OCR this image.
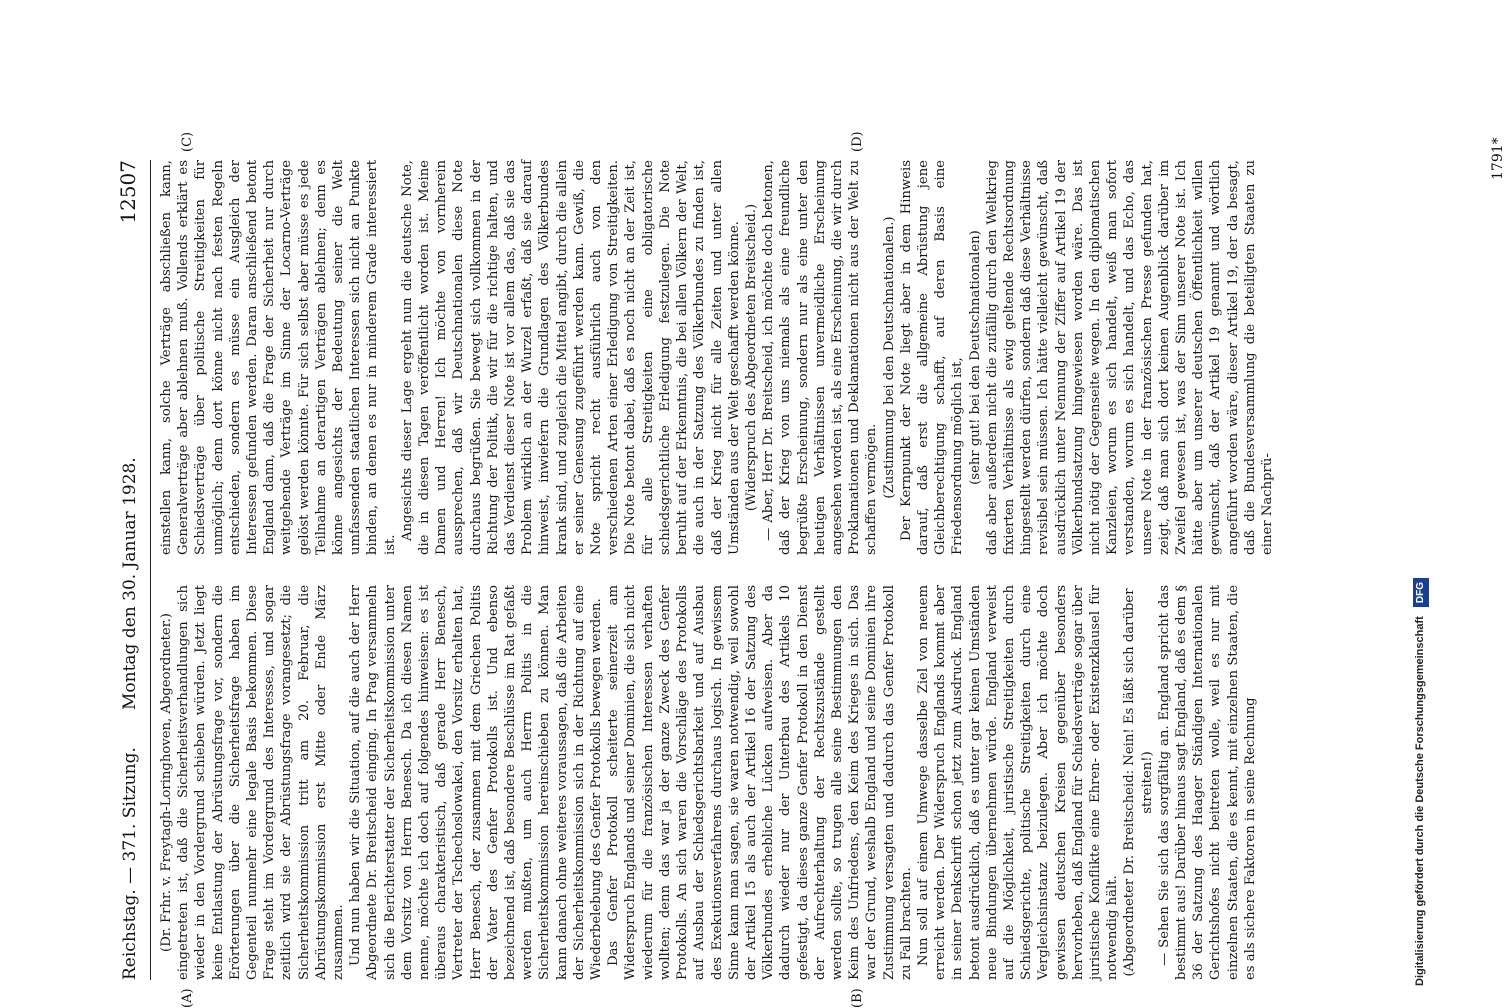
Reichstag. — 371. Sitzung.
Montag den 30. Januar 1928.
12507

(Dr. Frhr. v. Freytagh-Loringhoven, Abgeordneter.) eingetreten ist, daß die Sicherheitsverhandlungen sich wieder in den Vordergrund schieben würden. Jetzt liegt keine Entlastung der Abrüstungsfrage vor, sondern die Erörterungen über die Sicherheitsfrage haben im Gegenteil nunmehr eine legale Basis bekommen. Diese Frage steht im Vordergrund des Interesses, und sogar zeitlich wird sie der Abrüstungsfrage vorangesetzt; die Sicherheitskommission tritt am 20. Februar, die Abrüstungskommission erst Mitte oder Ende März zusammen. Und nun haben wir die Situation, auf die auch der Herr Abgeordnete Dr. Breitscheid einging. In Prag versammeln sich die Berichterstatter der Sicherheitskommission unter dem Vorsitz von Herrn Benesch. Da ich diesen Namen nenne, möchte ich doch auf folgendes hinweisen: es ist überaus charakteristisch, daß gerade Herr Benesch, Vertreter der Tschechoslowakei, den Vorsitz erhalten hat, Herr Benesch, der zusammen mit dem Griechen Politis der Vater des Genfer Protokolls ist. Und ebenso bezeichnend ist, daß besondere Beschlüsse im Rat gefaßt werden mußten, um auch Herrn Politis in die Sicherheitskommission hereinschieben zu können. Man kann danach ohne weiteres voraussagen, daß die Arbeiten der Sicherheitskommission sich in der Richtung auf eine Wiederbelebung des Genfer Protokolls bewegen werden. Das Genfer Protokoll scheiterte seinerzeit am Widerspruch Englands und seiner Dominien, die sich nicht wiederum für die französischen Interessen verhaften wollten; denn das war ja der ganze Zweck des Genfer Protokolls. An sich waren die Vorschläge des Protokolls auf Ausbau der Schiedsgerichtsbarkeit und auf Ausbau des Exekutionsverfahrens durchaus logisch. In gewissem Sinne kann man sagen, sie waren notwendig, weil sowohl der Artikel 15 als auch der Artikel 16 der Satzung des Völkerbundes erhebliche Lücken aufweisen. Aber da dadurch wieder nur der Unterbau des Artikels 10 gefestigt, da dieses ganze Genfer Protokoll in den Dienst der Aufrechterhaltung der Rechtszustände gestellt werden sollte, so trugen alle seine Bestimmungen den Keim des Unfriedens, den Keim des Krieges in sich. Das war der Grund, weshalb England und seine Dominien ihre Zustimmung versagten und dadurch das Genfer Protokoll zu Fall brachten. Nun soll auf einem Umwege dasselbe Ziel von neuem erreicht werden. Der Widerspruch Englands kommt aber in seiner Denkschrift schon jetzt zum Ausdruck. England betont ausdrücklich, daß es unter gar keinen Umständen neue Bindungen übernehmen würde. England verweist auf die Möglichkeit, juristische Streitigkeiten durch Schiedsgerichte, politische Streitigkeiten durch eine Vergleichsinstanz beizulegen. Aber ich möchte doch gewissen deutschen Kreisen gegenüber besonders hervorheben, daß England für Schiedsverträge sogar über juristische Konflikte eine Ehren- oder Existenzklausel für notwendig hält. (Abgeordneter Dr. Breitscheid: Nein! Es läßt sich darüber streiten!) — Sehen Sie sich das sorgfältig an. England spricht das bestimmt aus! Darüber hinaus sagt England, daß es dem § 36 der Satzung des Haager Ständigen Internationalen Gerichtshofes nicht beitreten wolle, weil es nur mit einzelnen Staaten, die es kennt, mit einzelnen Staaten, die es als sichere Faktoren in seine Rechnung

einstellen kann, solche Verträge abschließen kann, Generalverträge aber ablehnen muß. Vollends erklärt es Schiedsverträge über politische Streitigkeiten für unmöglich; denn dort könne nicht nach festen Regeln entschieden, sondern es müsse ein Ausgleich der Interessen gefunden werden. Daran anschließend betont England dann, daß die Frage der Sicherheit nur durch weitgehende Verträge im Sinne der Locarno-Verträge gelöst werden könnte. Für sich selbst aber müsse es jede Teilnahme an derartigen Verträgen ablehnen; denn es könne angesichts der Bedeutung seiner die Welt umfassenden staatlichen Interessen sich nicht an Punkte binden, an denen es nur in minderem Grade interessiert ist.

Angesichts dieser Lage ergeht nun die deutsche Note, die in diesen Tagen veröffentlicht worden ist. Meine Damen und Herren! Ich möchte von vornherein aussprechen, daß wir Deutschnationalen diese Note durchaus begrüßen. Sie bewegt sich vollkommen in der Richtung der Politik, die wir für die richtige halten, und das Verdienst dieser Note ist vor allem das, daß sie das Problem wirklich an der Wurzel erfaßt, daß sie darauf hinweist, inwiefern die Grundlagen des Völkerbundes krank sind, und zugleich die Mittel angibt, durch die allein er seiner Genesung zugeführt werden kann. Gewiß, die Note spricht recht ausführlich auch von den verschiedenen Arten einer Erledigung von Streitigkeiten. Die Note betont dabei, daß es noch nicht an der Zeit ist, für alle Streitigkeiten eine obligatorische schiedsgerichtliche Erledigung festzulegen. Die Note beruht auf der Erkenntnis, die bei allen Völkern der Welt, die auch in der Satzung des Völkerbundes zu finden ist, daß der Krieg nicht für alle Zeiten und unter allen Umständen aus der Welt geschafft werden könne. (Widerspruch des Abgeordneten Breitscheid.) — Aber, Herr Dr. Breitscheid, ich möchte doch betonen, daß der Krieg von uns niemals als eine freundliche begrüßte Erscheinung, sondern nur als eine unter den heutigen Verhältnissen unvermeidliche Erscheinung angesehen worden ist, als eine Erscheinung, die wir durch Proklamationen und Deklamationen nicht aus der Welt zu schaffen vermögen. (Zustimmung bei den Deutschnationalen.) Der Kernpunkt der Note liegt aber in dem Hinweis darauf, daß erst die allgemeine Abrüstung jene Gleichberechtigung schafft, auf deren Basis eine Friedensordnung möglich ist, (sehr gut! bei den Deutschnationalen) daß aber außerdem nicht die zufällig durch den Weltkrieg fixierten Verhältnisse als ewig geltende Rechtsordnung hingestellt werden dürfen, sondern daß diese Verhältnisse revisibel sein müssen. Ich hätte vielleicht gewünscht, daß ausdrücklich unter Nennung der Ziffer auf Artikel 19 der Völkerbundsatzung hingewiesen worden wäre. Das ist nicht nötig der Gegenseite wegen. In den diplomatischen Kanzleien, worum es sich handelt, weiß man sofort verstanden, worum es sich handelt, und das Echo, das unsere Note in der französischen Presse gefunden hat, zeigt, daß man sich dort keinen Augenblick darüber im Zweifel gewesen ist, was der Sinn unserer Note ist. Ich hätte aber um unserer deutschen Öffentlichkeit willen gewünscht, daß der Artikel 19 genannt und wörtlich angeführt worden wäre, dieser Artikel 19, der da besagt, daß die Bundesversammlung die beteiligten Staaten zu einer Nachprü-

(A)	(B)
(C)	(D)	1791*
Digitalisierung gefördert durch die Deutsche Forschungsgemeinschaft DFG
